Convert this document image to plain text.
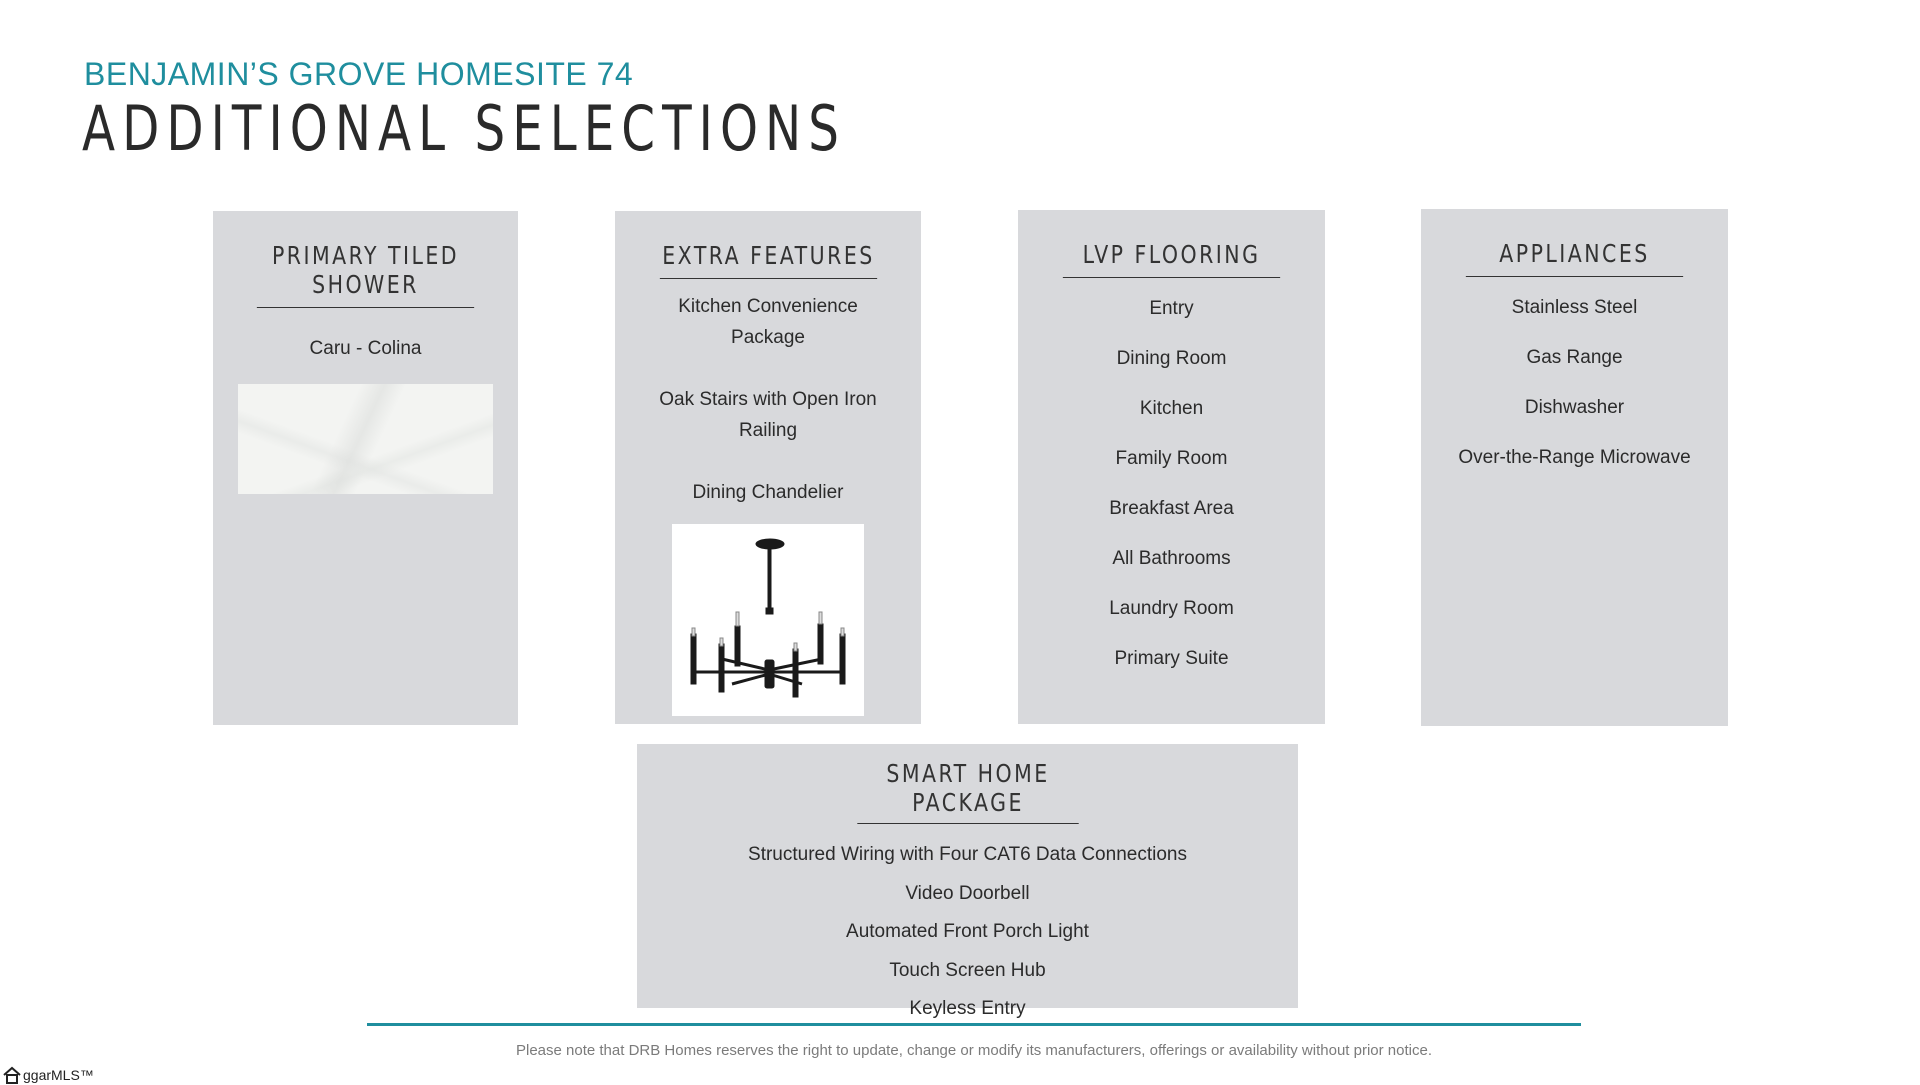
BENJAMIN’S GROVE HOMESITE 74
ADDITIONAL SELECTIONS
PRIMARY TILED SHOWER
Caru - Colina
EXTRA FEATURES
Kitchen Convenience Package
Oak Stairs with Open Iron Railing
Dining Chandelier
LVP FLOORING
Entry
Dining Room
Kitchen
Family Room
Breakfast Area
All Bathrooms
Laundry Room
Primary Suite
APPLIANCES
Stainless Steel
Gas Range
Dishwasher
Over-the-Range Microwave
SMART HOME PACKAGE
Structured Wiring with Four CAT6 Data Connections
Video Doorbell
Automated Front Porch Light
Touch Screen Hub
Keyless Entry
Please note that DRB Homes reserves the right to update, change or modify its manufacturers, offerings or availability without prior notice.
ggarMLS™
